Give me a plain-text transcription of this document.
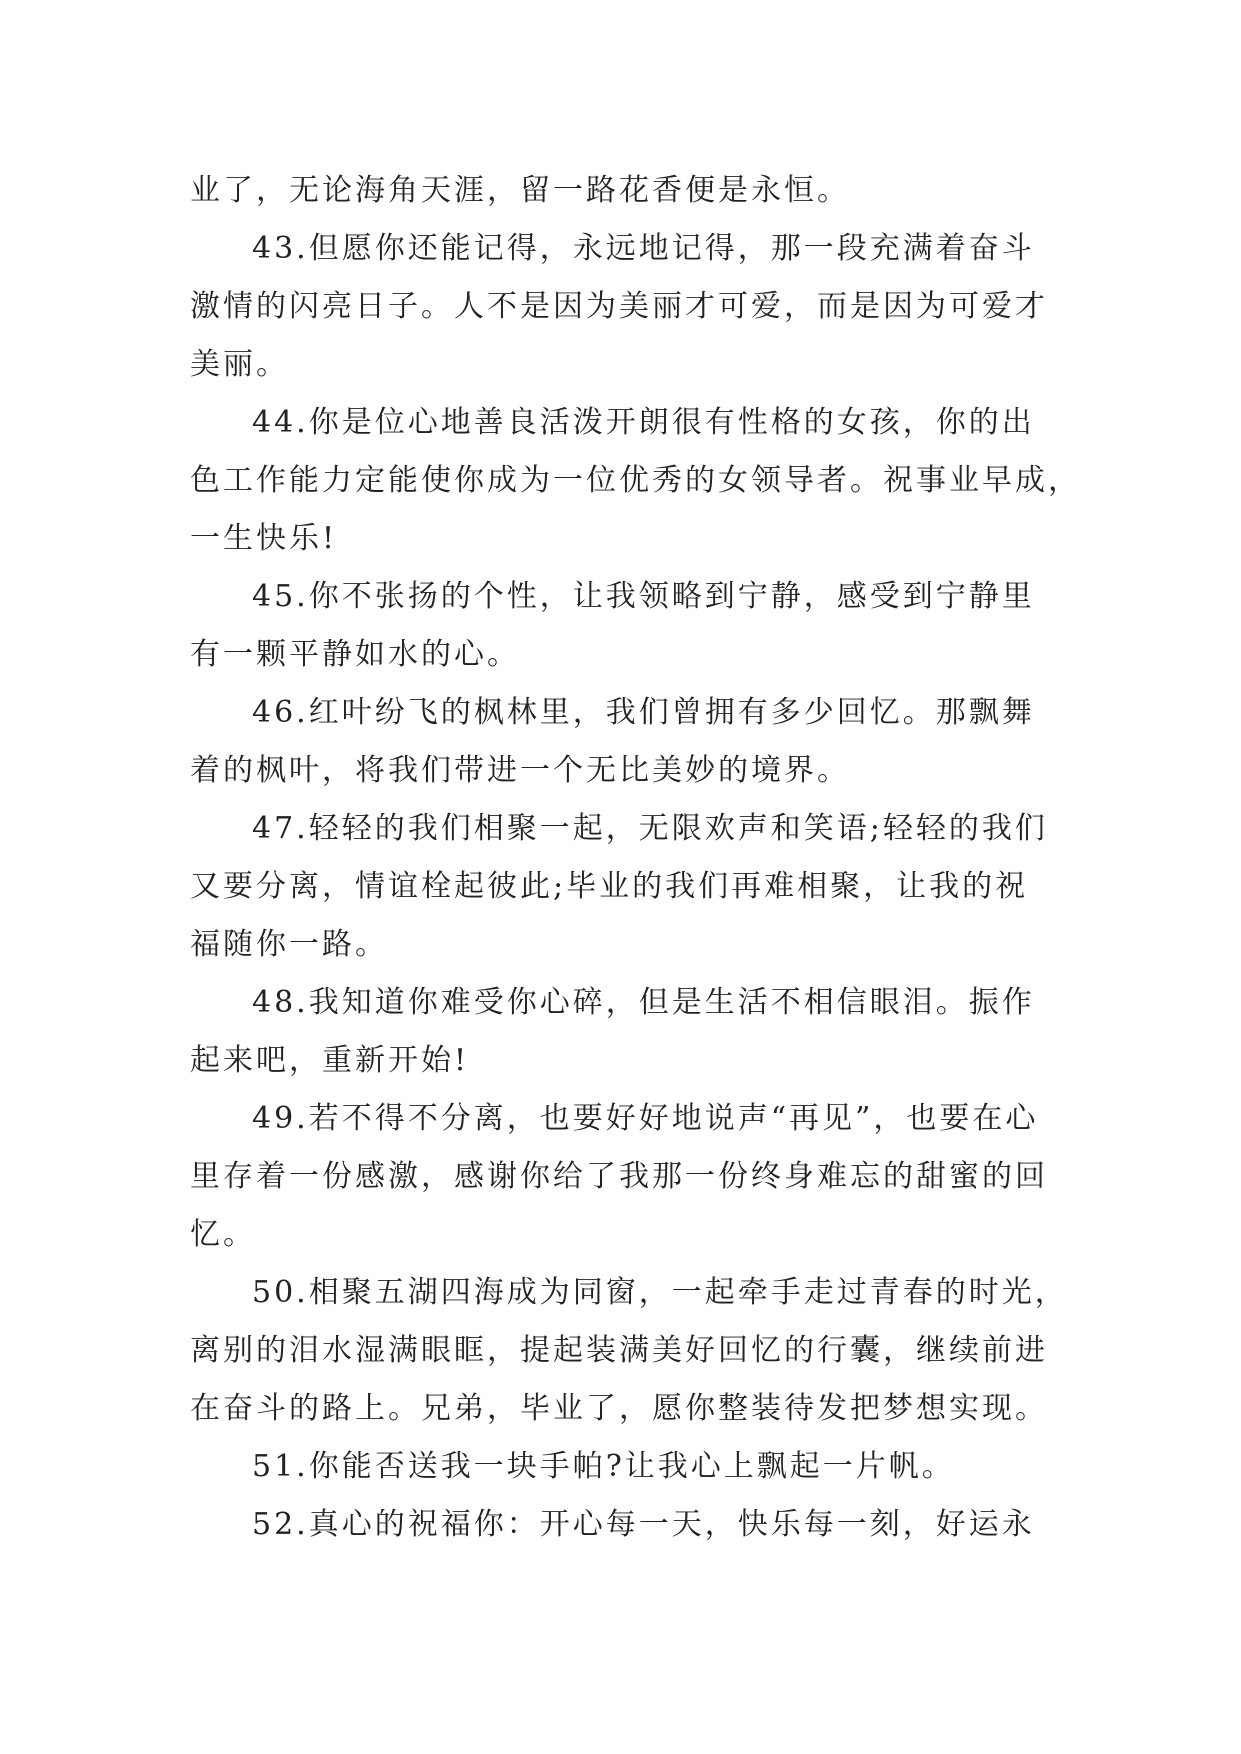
业了，无论海角天涯，留一路花香便是永恒。

43.但愿你还能记得，永远地记得，那一段充满着奋斗
激情的闪亮日子。人不是因为美丽才可爱，而是因为可爱才
美丽。

44.你是位心地善良活泼开朗很有性格的女孩，你的出
色工作能力定能使你成为一位优秀的女领导者。祝事业早成，
一生快乐!

45.你不张扬的个性，让我领略到宁静，感受到宁静里
有一颗平静如水的心。

46.红叶纷飞的枫林里，我们曾拥有多少回忆。那飘舞
着的枫叶，将我们带进一个无比美妙的境界。

47.轻轻的我们相聚一起，无限欢声和笑语;轻轻的我们
又要分离，情谊栓起彼此;毕业的我们再难相聚，让我的祝
福随你一路。

48.我知道你难受你心碎，但是生活不相信眼泪。振作
起来吧，重新开始!

49.若不得不分离，也要好好地说声“再见”，也要在心
里存着一份感激，感谢你给了我那一份终身难忘的甜蜜的回
忆。

50.相聚五湖四海成为同窗，一起牵手走过青春的时光，
离别的泪水湿满眼眶，提起装满美好回忆的行囊，继续前进
在奋斗的路上。兄弟，毕业了，愿你整装待发把梦想实现。

51.你能否送我一块手帕?让我心上飘起一片帆。

52.真心的祝福你：开心每一天，快乐每一刻，好运永
